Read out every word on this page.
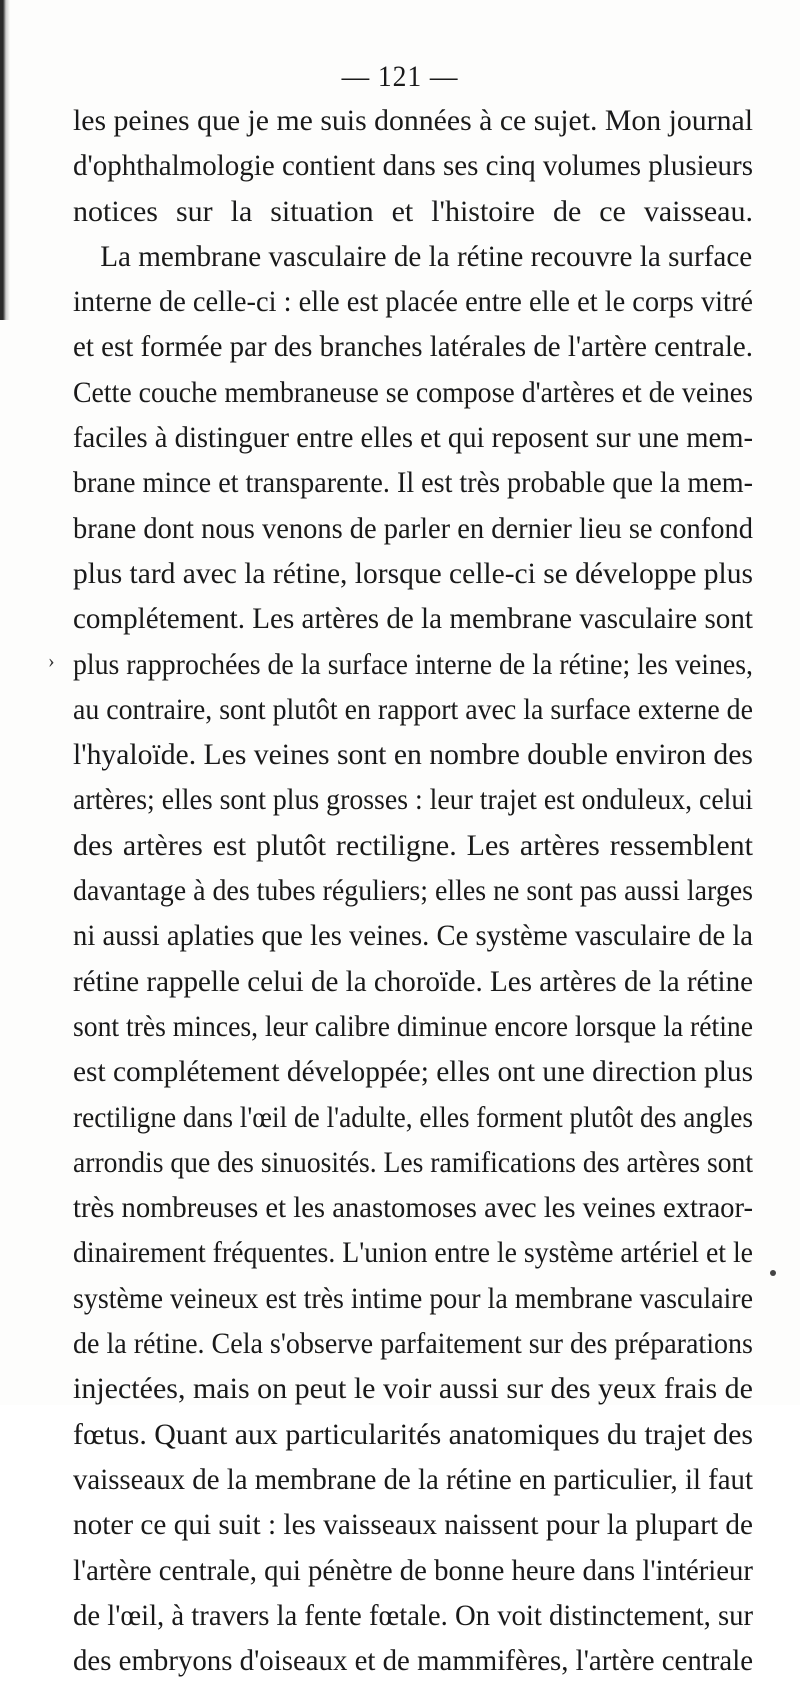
— 121 —
›
les peines que je me suis données à ce sujet. Mon journal
d'ophthalmologie contient dans ses cinq volumes plusieurs
notices sur la situation et l'histoire de ce vaisseau.
La membrane vasculaire de la rétine recouvre la surface
interne de celle-ci : elle est placée entre elle et le corps vitré
et est formée par des branches latérales de l'artère centrale.
Cette couche membraneuse se compose d'artères et de veines
faciles à distinguer entre elles et qui reposent sur une mem-
brane mince et transparente. Il est très probable que la mem-
brane dont nous venons de parler en dernier lieu se confond
plus tard avec la rétine, lorsque celle-ci se développe plus
complétement. Les artères de la membrane vasculaire sont
plus rapprochées de la surface interne de la rétine; les veines,
au contraire, sont plutôt en rapport avec la surface externe de
l'hyaloïde. Les veines sont en nombre double environ des
artères; elles sont plus grosses : leur trajet est onduleux, celui
des artères est plutôt rectiligne. Les artères ressemblent
davantage à des tubes réguliers; elles ne sont pas aussi larges
ni aussi aplaties que les veines. Ce système vasculaire de la
rétine rappelle celui de la choroïde. Les artères de la rétine
sont très minces, leur calibre diminue encore lorsque la rétine
est complétement développée; elles ont une direction plus
rectiligne dans l'œil de l'adulte, elles forment plutôt des angles
arrondis que des sinuosités. Les ramifications des artères sont
très nombreuses et les anastomoses avec les veines extraor-
dinairement fréquentes. L'union entre le système artériel et le
système veineux est très intime pour la membrane vasculaire
de la rétine. Cela s'observe parfaitement sur des préparations
injectées, mais on peut le voir aussi sur des yeux frais de
fœtus. Quant aux particularités anatomiques du trajet des
vaisseaux de la membrane de la rétine en particulier, il faut
noter ce qui suit : les vaisseaux naissent pour la plupart de
l'artère centrale, qui pénètre de bonne heure dans l'intérieur
de l'œil, à travers la fente fœtale. On voit distinctement, sur
des embryons d'oiseaux et de mammifères, l'artère centrale
